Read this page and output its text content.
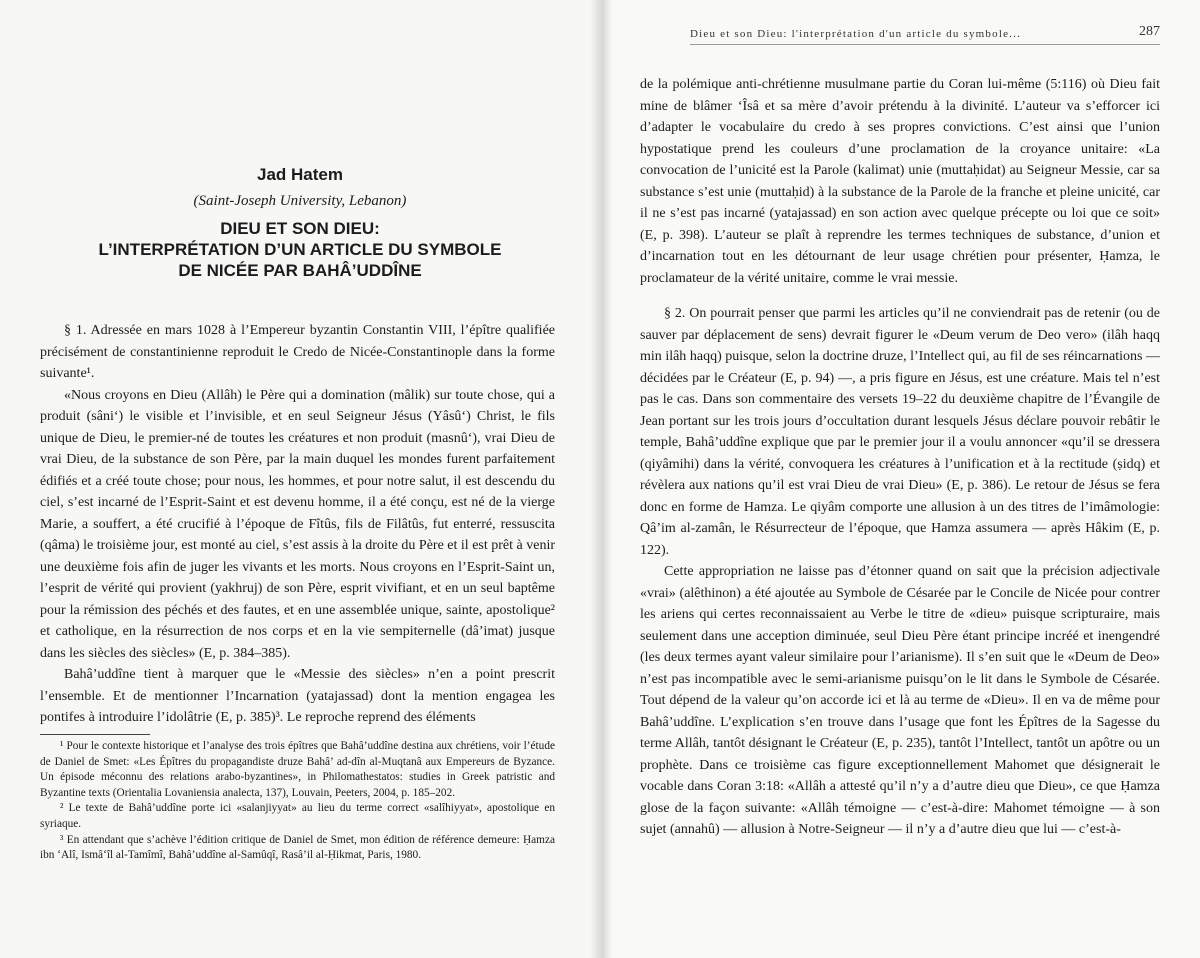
Jad Hatem
(Saint-Joseph University, Lebanon)
DIEU ET SON DIEU:
L’INTERPRÉTATION D’UN ARTICLE DU SYMBOLE
DE NICÉE PAR BAHÂ’UDDÎNE

§ 1. Adressée en mars 1028 à l’Empereur byzantin Constantin VIII, l’épître qualifiée précisément de constantinienne reproduit le Credo de Nicée-Constantinople dans la forme suivante¹.

«Nous croyons en Dieu (Allâh) le Père qui a domination (mâlik) sur toute chose, qui a produit (sâni‘) le visible et l’invisible, et en seul Seigneur Jésus (Yâsû‘) Christ, le fils unique de Dieu, le premier-né de toutes les créatures et non produit (masnû‘), vrai Dieu de vrai Dieu, de la substance de son Père, par la main duquel les mondes furent parfaitement édifiés et a créé toute chose; pour nous, les hommes, et pour notre salut, il est descendu du ciel, s’est incarné de l’Esprit-Saint et est devenu homme, il a été conçu, est né de la vierge Marie, a souffert, a été crucifié à l’époque de Fîtûs, fils de Filâtûs, fut enterré, ressuscita (qâma) le troisième jour, est monté au ciel, s’est assis à la droite du Père et il est prêt à venir une deuxième fois afin de juger les vivants et les morts. Nous croyons en l’Esprit-Saint un, l’esprit de vérité qui provient (yakhruj) de son Père, esprit vivifiant, et en un seul baptême pour la rémission des péchés et des fautes, et en une assemblée unique, sainte, apostolique² et catholique, en la résurrection de nos corps et en la vie sempiternelle (dâ’imat) jusque dans les siècles des siècles» (E, p. 384–385).

Bahâ’uddîne tient à marquer que le «Messie des siècles» n’en a point prescrit l’ensemble. Et de mentionner l’Incarnation (yatajassad) dont la mention engagea les pontifes à introduire l’idolâtrie (E, p. 385)³. Le reproche reprend des éléments

¹ Pour le contexte historique et l’analyse des trois épîtres que Bahâ’uddîne destina aux chrétiens, voir l’étude de Daniel de Smet: «Les Épîtres du propagandiste druze Bahâ’ ad-dîn al-Muqtanâ aux Empereurs de Byzance. Un épisode méconnu des relations arabo-byzantines», in Philomathestatos: studies in Greek patristic and Byzantine texts (Orientalia Lovaniensia analecta, 137), Louvain, Peeters, 2004, p. 185–202.

² Le texte de Bahâ’uddîne porte ici «salanjiyyat» au lieu du terme correct «salîhiyyat», apostolique en syriaque.

³ En attendant que s’achève l’édition critique de Daniel de Smet, mon édition de référence demeure: Ḥamza ibn ‘Alî, Ismâ‘îl al-Tamîmî, Bahâ’uddîne al-Samûqî, Rasâ’il al-Ḥikmat, Paris, 1980.

Dieu et son Dieu: l'interprétation d'un article du symbole...	287

de la polémique anti-chrétienne musulmane partie du Coran lui-même (5:116) où Dieu fait mine de blâmer ‘Îsâ et sa mère d’avoir prétendu à la divinité. L’auteur va s’efforcer ici d’adapter le vocabulaire du credo à ses propres convictions. C’est ainsi que l’union hypostatique prend les couleurs d’une proclamation de la croyance unitaire: «La convocation de l’unicité est la Parole (kalimat) unie (muttaḥidat) au Seigneur Messie, car sa substance s’est unie (muttaḥid) à la substance de la Parole de la franche et pleine unicité, car il ne s’est pas incarné (yatajassad) en son action avec quelque précepte ou loi que ce soit» (E, p. 398). L’auteur se plaît à reprendre les termes techniques de substance, d’union et d’incarnation tout en les détournant de leur usage chrétien pour présenter, Ḥamza, le proclamateur de la vérité unitaire, comme le vrai messie.

§ 2. On pourrait penser que parmi les articles qu’il ne conviendrait pas de retenir (ou de sauver par déplacement de sens) devrait figurer le «Deum verum de Deo vero» (ilâh haqq min ilâh haqq) puisque, selon la doctrine druze, l’Intellect qui, au fil de ses réincarnations — décidées par le Créateur (E, p. 94) —, a pris figure en Jésus, est une créature. Mais tel n’est pas le cas. Dans son commentaire des versets 19–22 du deuxième chapitre de l’Évangile de Jean portant sur les trois jours d’occultation durant lesquels Jésus déclare pouvoir rebâtir le temple, Bahâ’uddîne explique que par le premier jour il a voulu annoncer «qu’il se dressera (qiyâmihi) dans la vérité, convoquera les créatures à l’unification et à la rectitude (ṣidq) et révèlera aux nations qu’il est vrai Dieu de vrai Dieu» (E, p. 386). Le retour de Jésus se fera donc en forme de Hamza. Le qiyâm comporte une allusion à un des titres de l’imâmologie: Qâ’im al-zamân, le Résurrecteur de l’époque, que Hamza assumera — après Hâkim (E, p. 122).

Cette appropriation ne laisse pas d’étonner quand on sait que la précision adjectivale «vrai» (alêthinon) a été ajoutée au Symbole de Césarée par le Concile de Nicée pour contrer les ariens qui certes reconnaissaient au Verbe le titre de «dieu» puisque scripturaire, mais seulement dans une acception diminuée, seul Dieu Père étant principe incréé et inengendré (les deux termes ayant valeur similaire pour l’arianisme). Il s’en suit que le «Deum de Deo» n’est pas incompatible avec le semi-arianisme puisqu’on le lit dans le Symbole de Césarée. Tout dépend de la valeur qu’on accorde ici et là au terme de «Dieu». Il en va de même pour Bahâ’uddîne. L’explication s’en trouve dans l’usage que font les Épîtres de la Sagesse du terme Allâh, tantôt désignant le Créateur (E, p. 235), tantôt l’Intellect, tantôt un apôtre ou un prophète. Dans ce troisième cas figure exceptionnellement Mahomet que désignerait le vocable dans Coran 3:18: «Allâh a attesté qu’il n’y a d’autre dieu que Dieu», ce que Ḥamza glose de la façon suivante: «Allâh témoigne — c’est-à-dire: Mahomet témoigne — à son sujet (annahû) — allusion à Notre-Seigneur — il n’y a d’autre dieu que lui — c’est-à-
